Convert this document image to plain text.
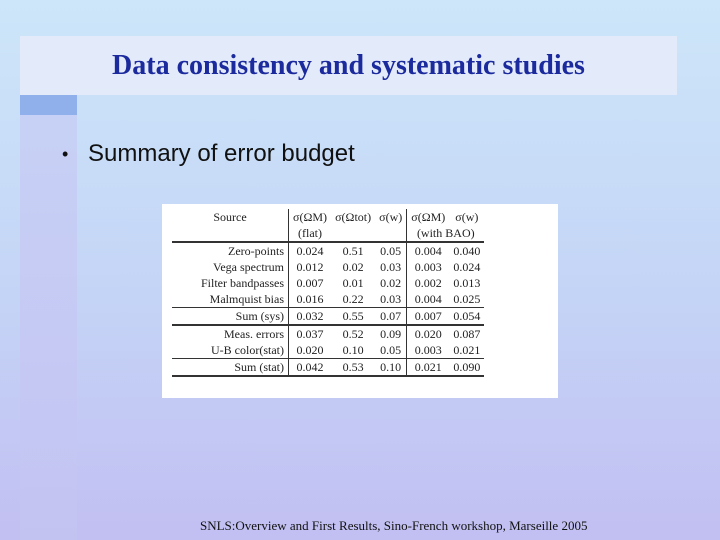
Data consistency and systematic studies
• Summary of error budget
Source	σ(ΩM)	σ(Ωtot)	σ(w)	σ(ΩM)	σ(w)
	(flat)			(with BAO)	
Zero-points	0.024	0.51	0.05	0.004	0.040
Vega spectrum	0.012	0.02	0.03	0.003	0.024
Filter bandpasses	0.007	0.01	0.02	0.002	0.013
Malmquist bias	0.016	0.22	0.03	0.004	0.025
Sum (sys)	0.032	0.55	0.07	0.007	0.054
Meas. errors	0.037	0.52	0.09	0.020	0.087
U-B color(stat)	0.020	0.10	0.05	0.003	0.021
Sum (stat)	0.042	0.53	0.10	0.021	0.090
SNLS:Overview and First Results, Sino-French workshop, Marseille 2005
